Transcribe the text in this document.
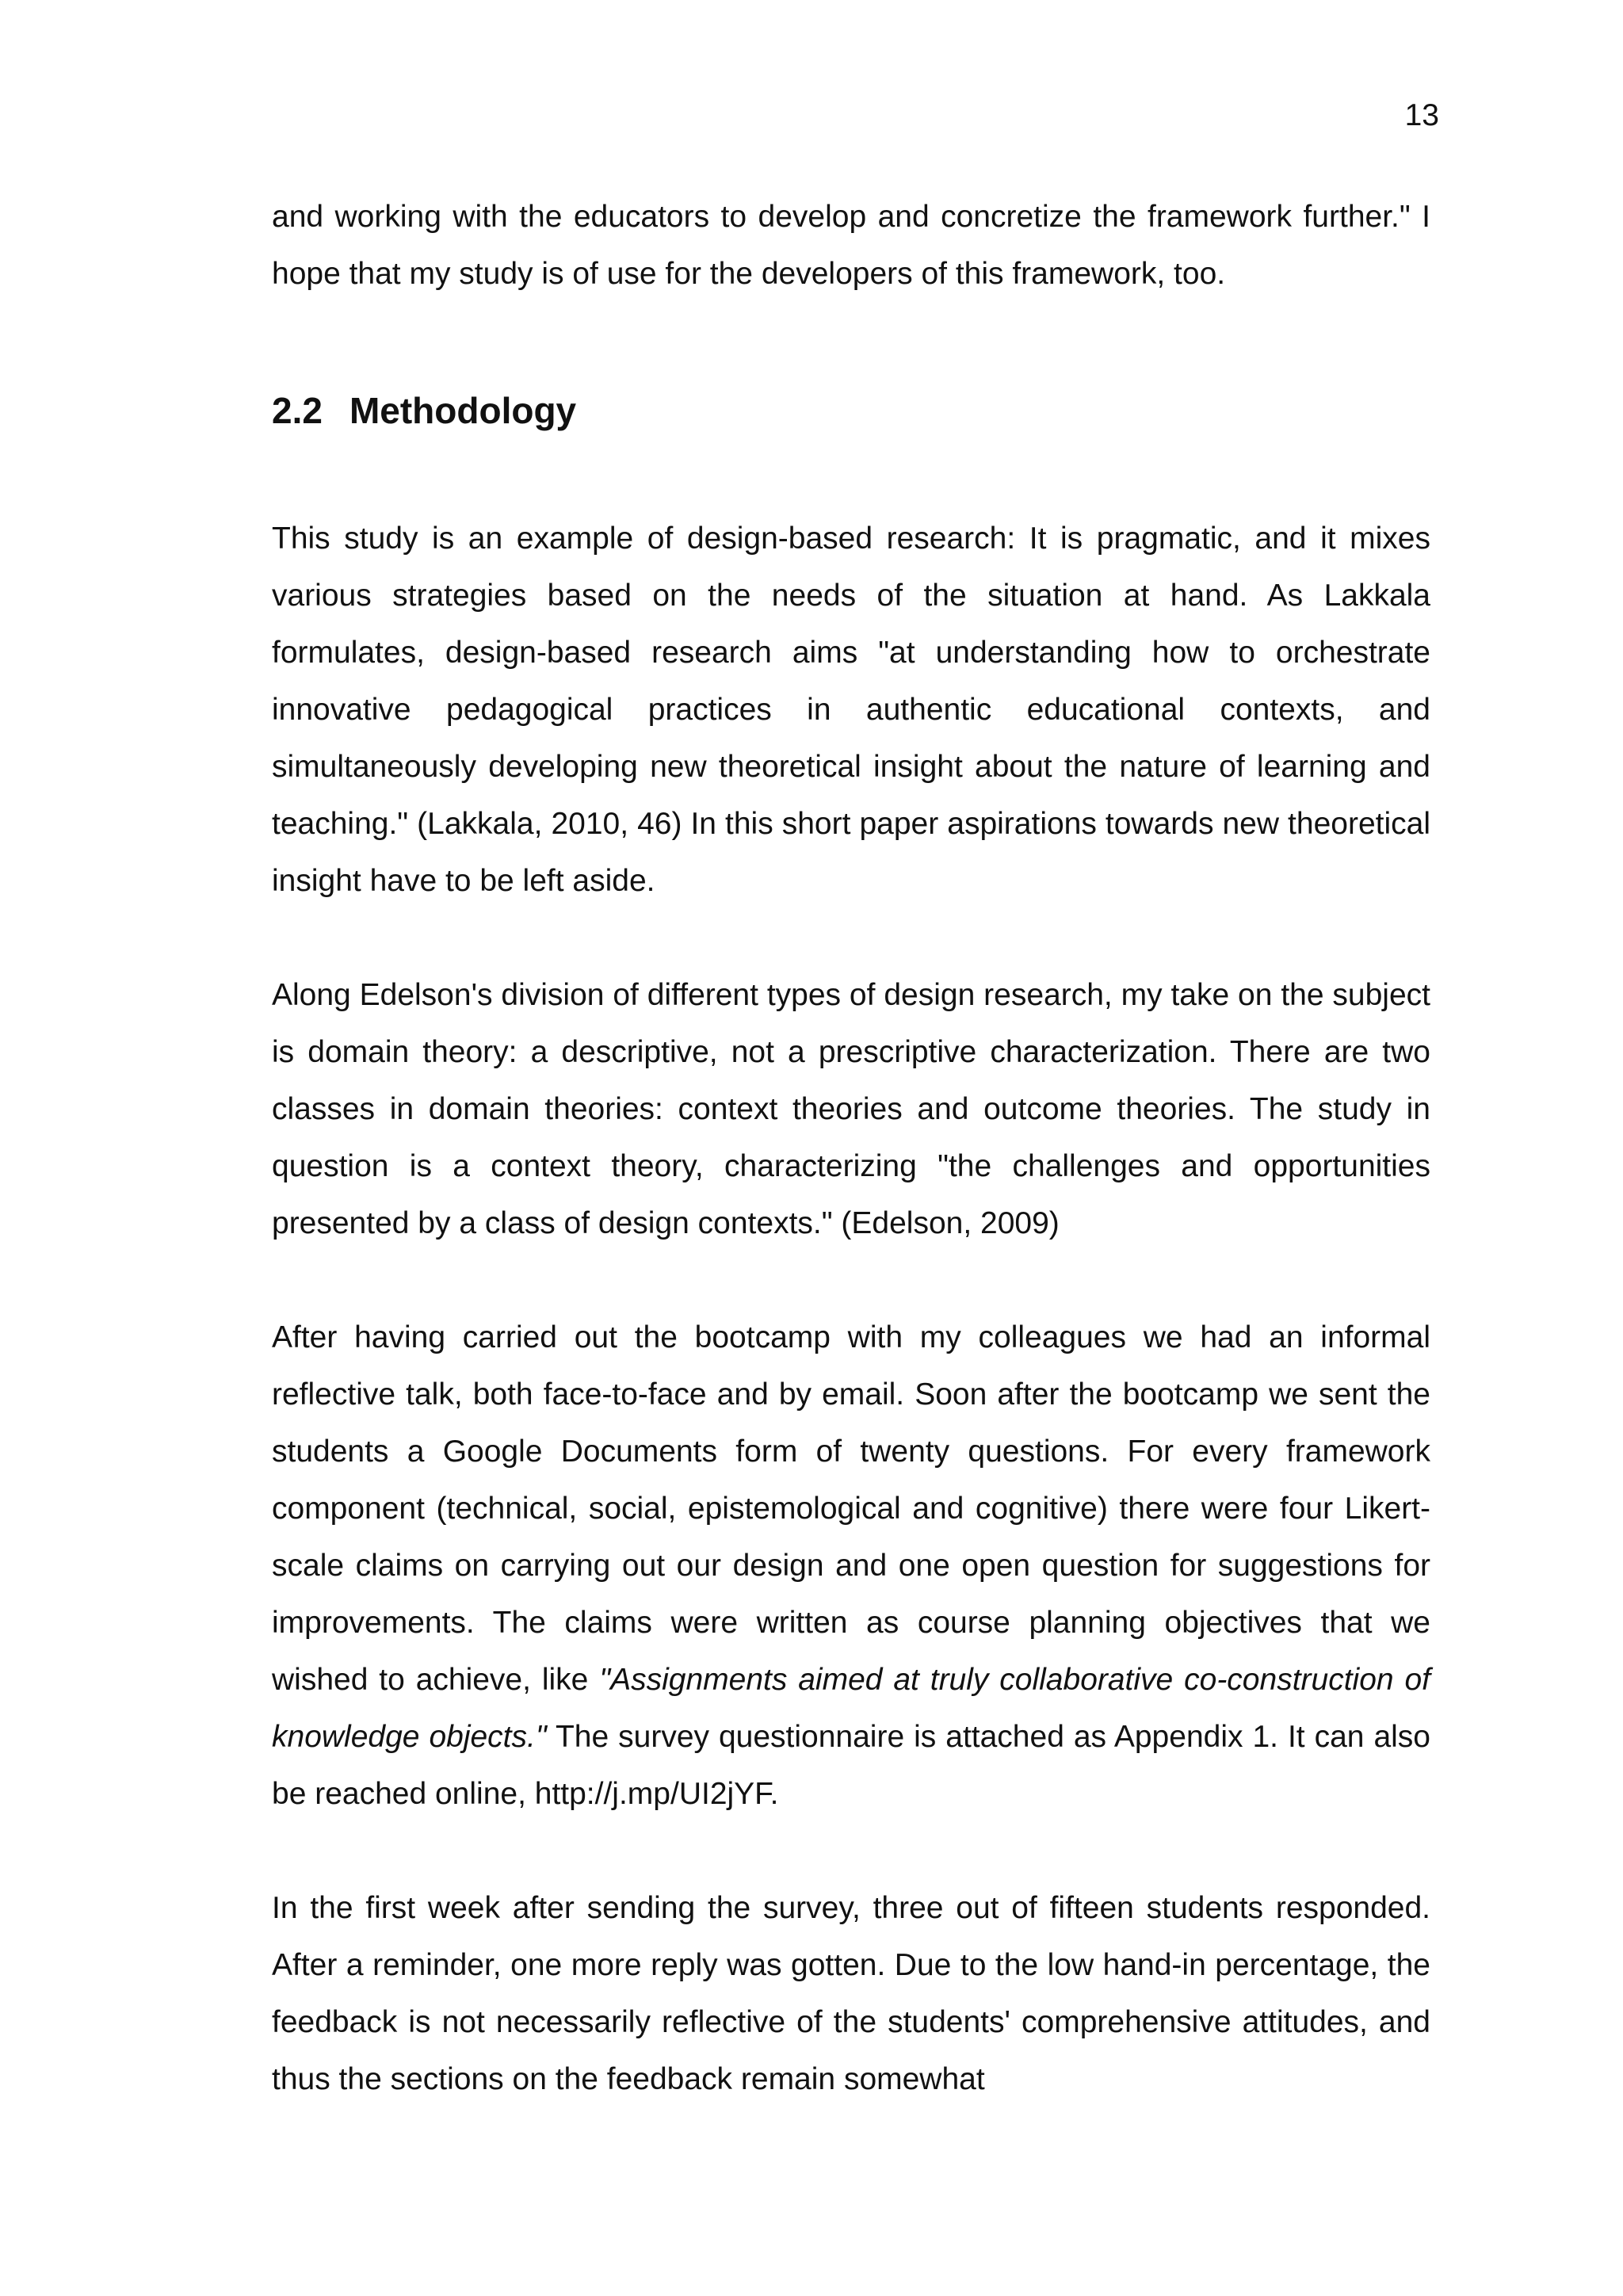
13

and working with the educators to develop and concretize the framework further." I hope that my study is of use for the developers of this framework, too.

2.2 Methodology

This study is an example of design-based research: It is pragmatic, and it mixes various strategies based on the needs of the situation at hand. As Lakkala formulates, design-based research aims "at understanding how to orchestrate innovative pedagogical practices in authentic educational contexts, and simultaneously developing new theoretical insight about the nature of learning and teaching." (Lakkala, 2010, 46) In this short paper aspirations towards new theoretical insight have to be left aside.

Along Edelson's division of different types of design research, my take on the subject is domain theory: a descriptive, not a prescriptive characterization. There are two classes in domain theories: context theories and outcome theories. The study in question is a context theory, characterizing "the challenges and opportunities presented by a class of design contexts." (Edelson, 2009)

After having carried out the bootcamp with my colleagues we had an informal reflective talk, both face-to-face and by email. Soon after the bootcamp we sent the students a Google Documents form of twenty questions. For every framework component (technical, social, epistemological and cognitive) there were four Likert-scale claims on carrying out our design and one open question for suggestions for improvements. The claims were written as course planning objectives that we wished to achieve, like "Assignments aimed at truly collaborative co-construction of knowledge objects." The survey questionnaire is attached as Appendix 1. It can also be reached online, http://j.mp/UI2jYF.

In the first week after sending the survey, three out of fifteen students responded. After a reminder, one more reply was gotten. Due to the low hand-in percentage, the feedback is not necessarily reflective of the students' comprehensive attitudes, and thus the sections on the feedback remain somewhat
